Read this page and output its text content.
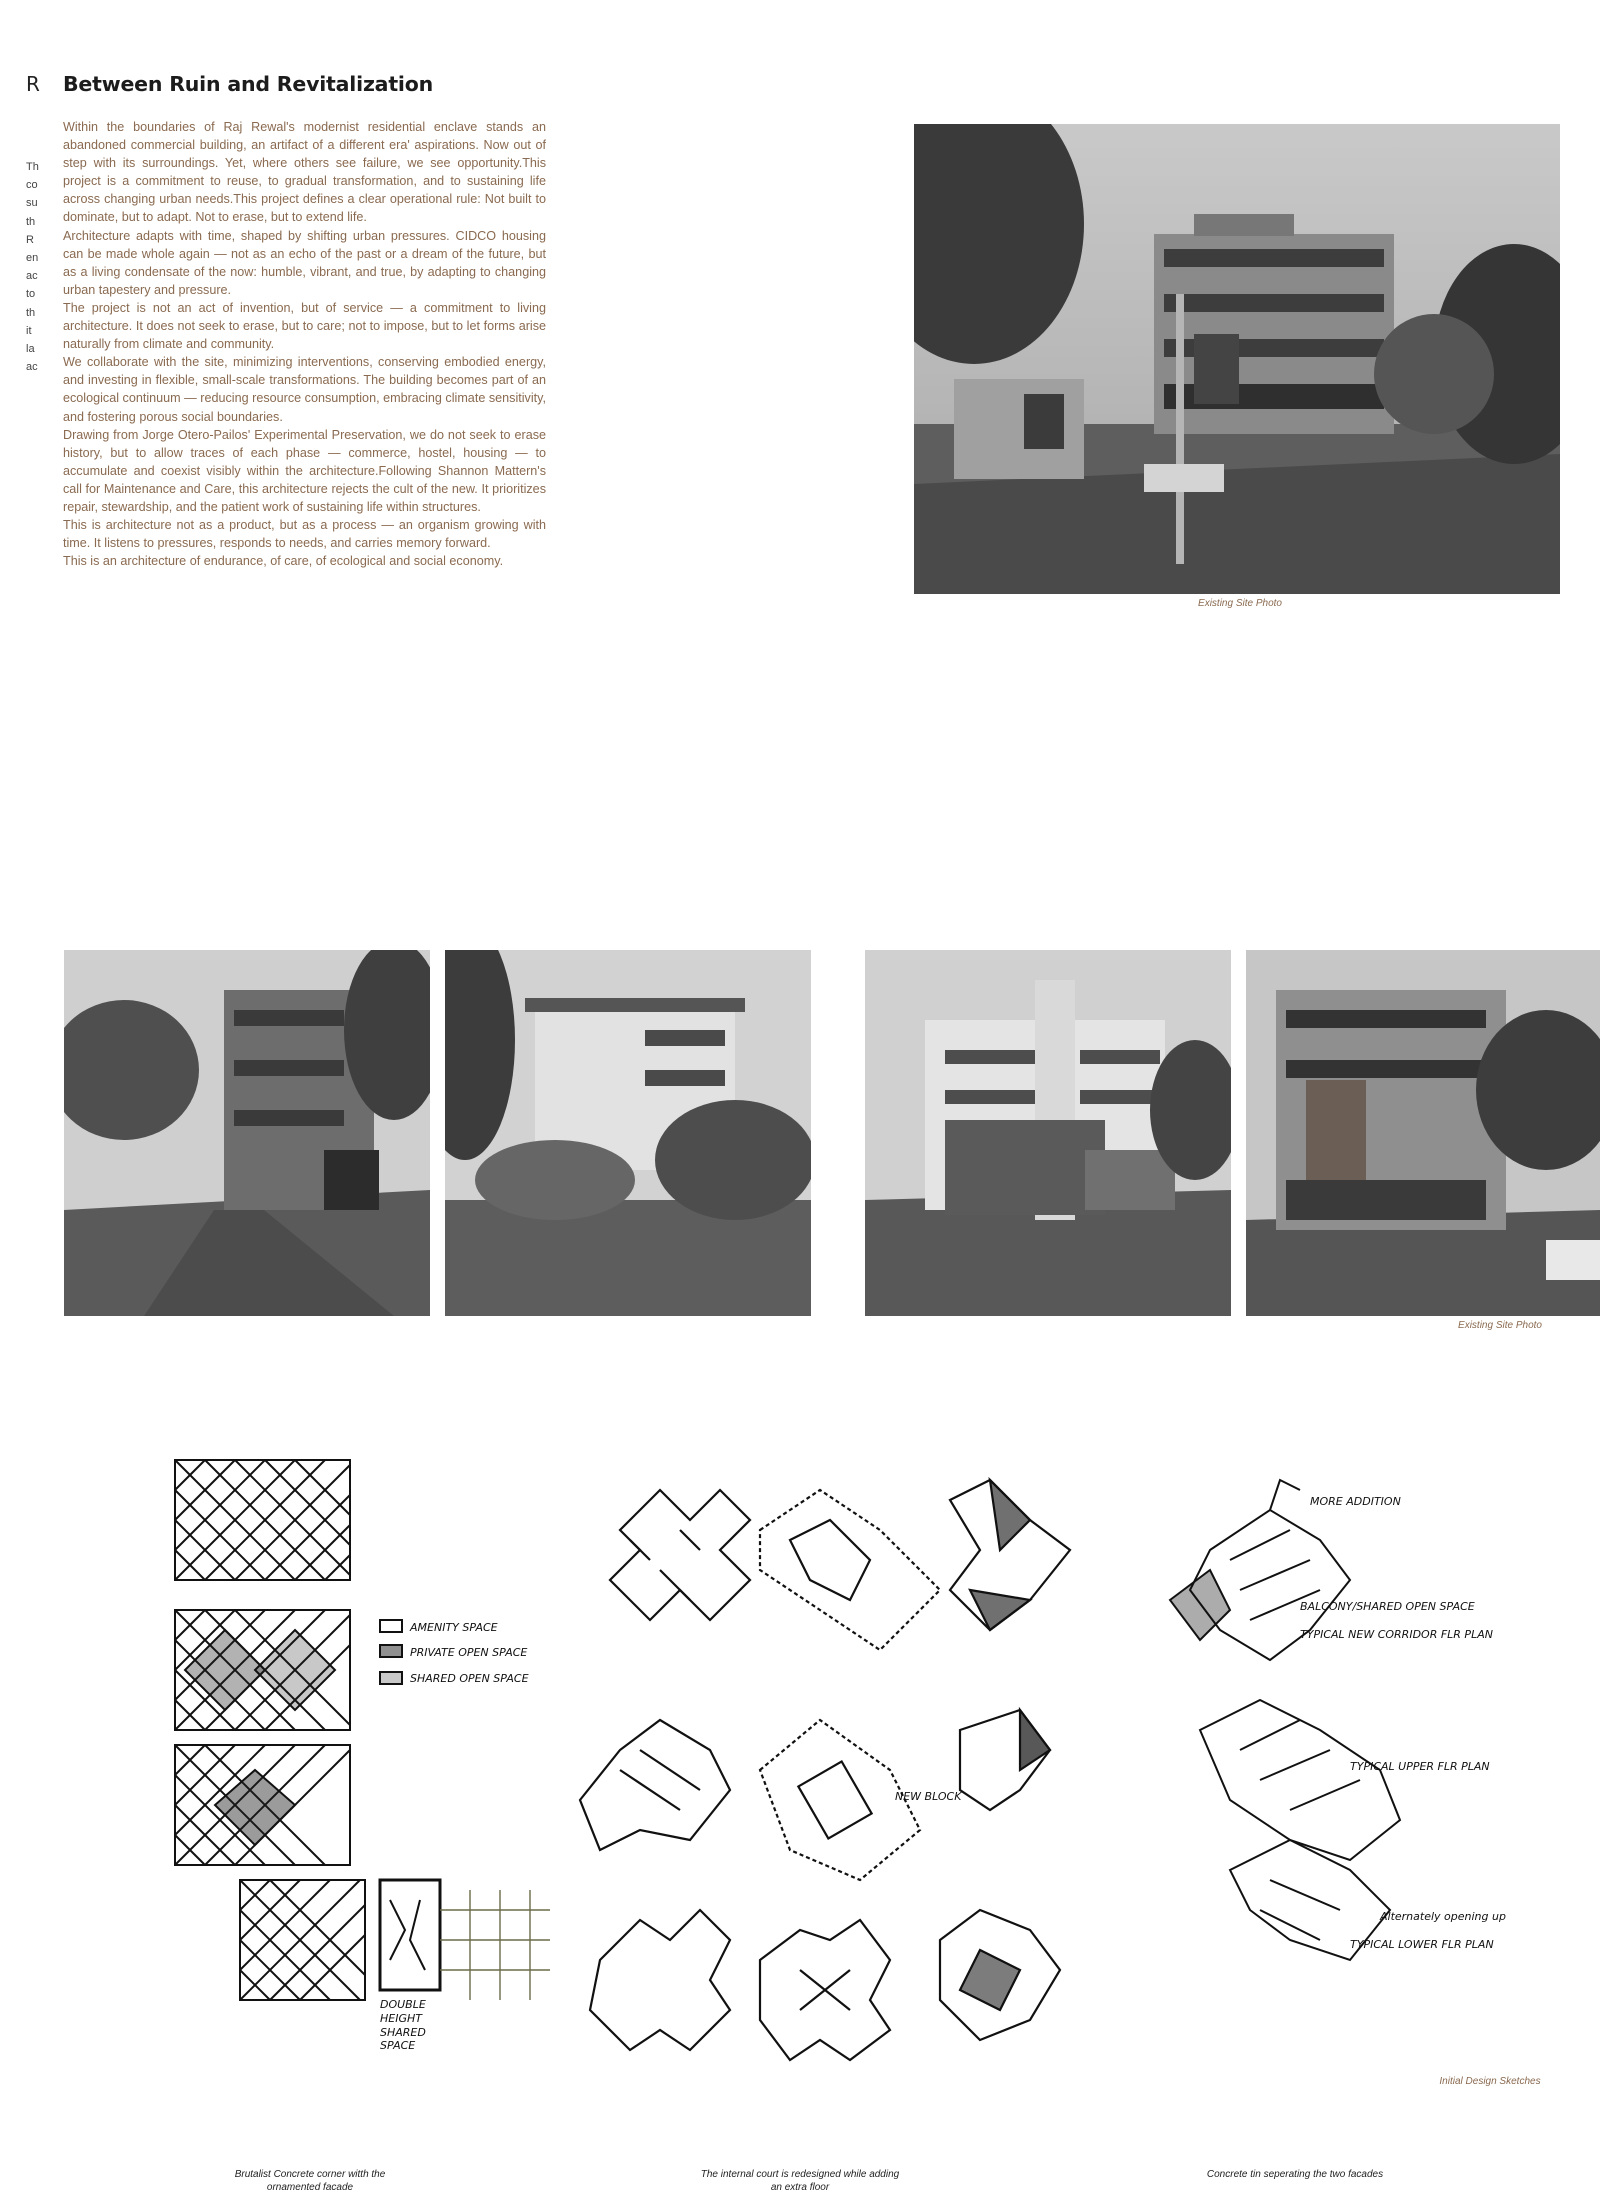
R
Th
co
su
th
R
en
ac
to
th
it
la
ac
Between Ruin and Revitalization

Within the boundaries of Raj Rewal's modernist residential enclave stands an abandoned commercial building, an artifact of a different era' aspirations. Now out of step with its surroundings. Yet, where others see failure, we see opportunity.This project is a commitment to reuse, to gradual transformation, and to sustaining life across changing urban needs.This project defines a clear operational rule: Not built to dominate, but to adapt. Not to erase, but to extend life.

Architecture adapts with time, shaped by shifting urban pressures. CIDCO housing can be made whole again — not as an echo of the past or a dream of the future, but as a living condensate of the now: humble, vibrant, and true, by adapting to changing urban tapestery and pressure.

The project is not an act of invention, but of service — a commitment to living architecture. It does not seek to erase, but to care; not to impose, but to let forms arise naturally from climate and community.

We collaborate with the site, minimizing interventions, conserving embodied energy, and investing in flexible, small-scale transformations. The building becomes part of an ecological continuum — reducing resource consumption, embracing climate sensitivity, and fostering porous social boundaries.

Drawing from Jorge Otero-Pailos' Experimental Preservation, we do not seek to erase history, but to allow traces of each phase — commerce, hostel, housing — to accumulate and coexist visibly within the architecture.Following Shannon Mattern's call for Maintenance and Care, this architecture rejects the cult of the new. It prioritizes repair, stewardship, and the patient work of sustaining life within structures.

This is architecture not as a product, but as a process — an organism growing with time. It listens to pressures, responds to needs, and carries memory forward.

This is an architecture of endurance, of care, of ecological and social economy.

Existing Site Photo
Existing Site Photo
AMENITY SPACE
PRIVATE OPEN SPACE
SHARED OPEN SPACE
DOUBLE
HEIGHT
SHARED
SPACE
NEW BLOCK
MORE ADDITION
BALCONY/SHARED OPEN SPACE
TYPICAL NEW CORRIDOR FLR PLAN
TYPICAL UPPER FLR PLAN
Alternately opening up
TYPICAL LOWER FLR PLAN
Initial Design Sketches
Brutalist Concrete corner witth the ornamented facade
The internal court is redesigned while adding an extra floor
Concrete tin seperating the two facades
